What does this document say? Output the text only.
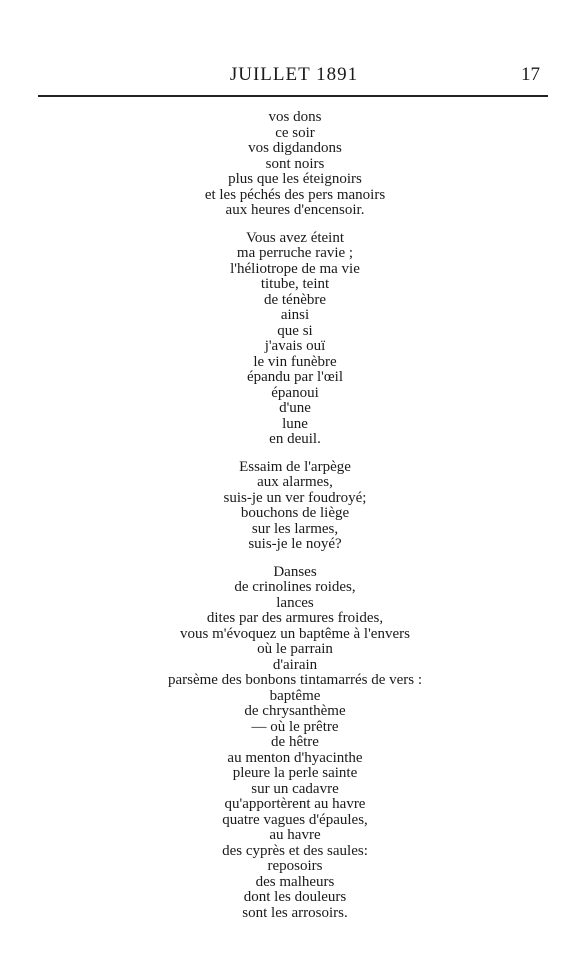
JUILLET 1891	17
vos dons
ce soir
vos digdandons
sont noirs
plus que les éteignoirs
et les péchés des pers manoirs
aux heures d'encensoir.
Vous avez éteint
ma perruche ravie ;
l'héliotrope de ma vie
titube, teint
de ténèbre
ainsi
que si
j'avais ouï
le vin funèbre
épandu par l'œil
épanoui
d'une
lune
en deuil.
Essaim de l'arpège
aux alarmes,
suis-je un ver foudroyé;
bouchons de liège
sur les larmes,
suis-je le noyé?
Danses
de crinolines roides,
lances
dites par des armures froides,
vous m'évoquez un baptême à l'envers
où le parrain
d'airain
parsème des bonbons tintamarrés de vers :
baptême
de chrysanthème
— où le prêtre
de hêtre
au menton d'hyacinthe
pleure la perle sainte
sur un cadavre
qu'apportèrent au havre
quatre vagues d'épaules,
au havre
des cyprès et des saules:
reposoirs
des malheurs
dont les douleurs
sont les arrosoirs.
